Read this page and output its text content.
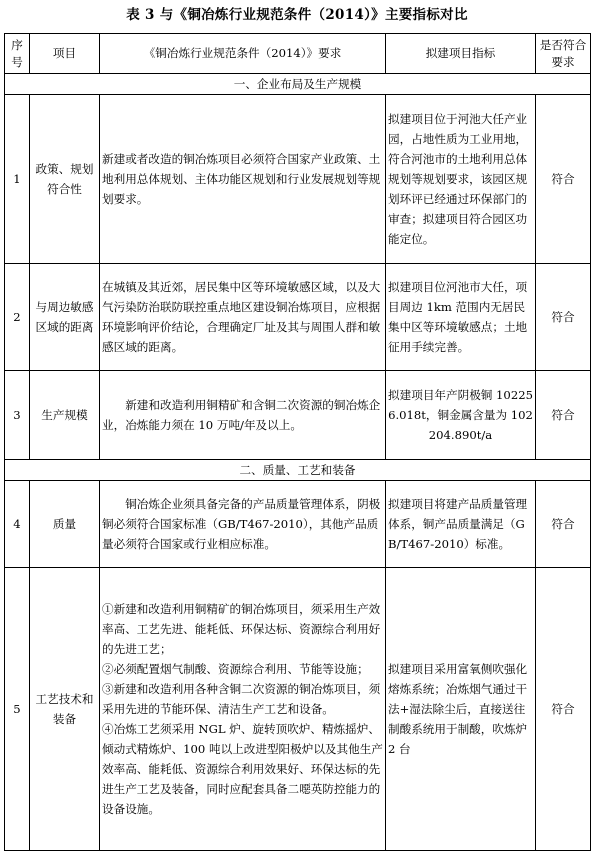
表 3 与《铜冶炼行业规范条件（2014）》主要指标对比
序号	项目	《铜冶炼行业规范条件（2014）》要求	拟建项目指标	是否符合要求
一、企业布局及生产规模				
1	政策、规划符合性	新建或者改造的铜冶炼项目必须符合国家产业政策、土地利用总体规划、主体功能区规划和行业发展规划等规划要求。	拟建项目位于河池大任产业园，占地性质为工业用地，符合河池市的土地利用总体规划等规划要求，该园区规划环评已经通过环保部门的审查；拟建项目符合园区功能定位。	符合
2	与周边敏感区域的距离	在城镇及其近郊，居民集中区等环境敏感区域，以及大气污染防治联防联控重点地区建设铜冶炼项目，应根据环境影响评价结论，合理确定厂址及其与周围人群和敏感区域的距离。	拟建项目位河池市大任，项目周边 1km 范围内无居民集中区等环境敏感点；土地征用手续完善。	符合
3	生产规模	新建和改造利用铜精矿和含铜二次资源的铜冶炼企业，冶炼能力须在 10 万吨/年及以上。	拟建项目年产阴极铜 102256.018t，铜金属含量为 102204.890t/a	符合
二、质量、工艺和装备				
4	质量	铜冶炼企业须具备完备的产品质量管理体系，阴极铜必须符合国家标准（GB/T467-2010），其他产品质量必须符合国家或行业相应标准。	拟建项目将建产品质量管理体系，铜产品质量满足（GB/T467-2010）标准。	符合
5	工艺技术和装备	①新建和改造利用铜精矿的铜冶炼项目，须采用生产效率高、工艺先进、能耗低、环保达标、资源综合利用好的先进工艺；
②必须配置烟气制酸、资源综合利用、节能等设施；
③新建和改造利用各种含铜二次资源的铜冶炼项目，须采用先进的节能环保、清洁生产工艺和设备。
④冶炼工艺须采用 NGL 炉、旋转顶吹炉、精炼摇炉、倾动式精炼炉、100 吨以上改进型阳极炉以及其他生产效率高、能耗低、资源综合利用效果好、环保达标的先进生产工艺及装备，同时应配套具备二噁英防控能力的设备设施。	拟建项目采用富氧侧吹强化熔炼系统；冶炼烟气通过干法+湿法除尘后，直接送往制酸系统用于制酸，吹炼炉 2 台	符合
